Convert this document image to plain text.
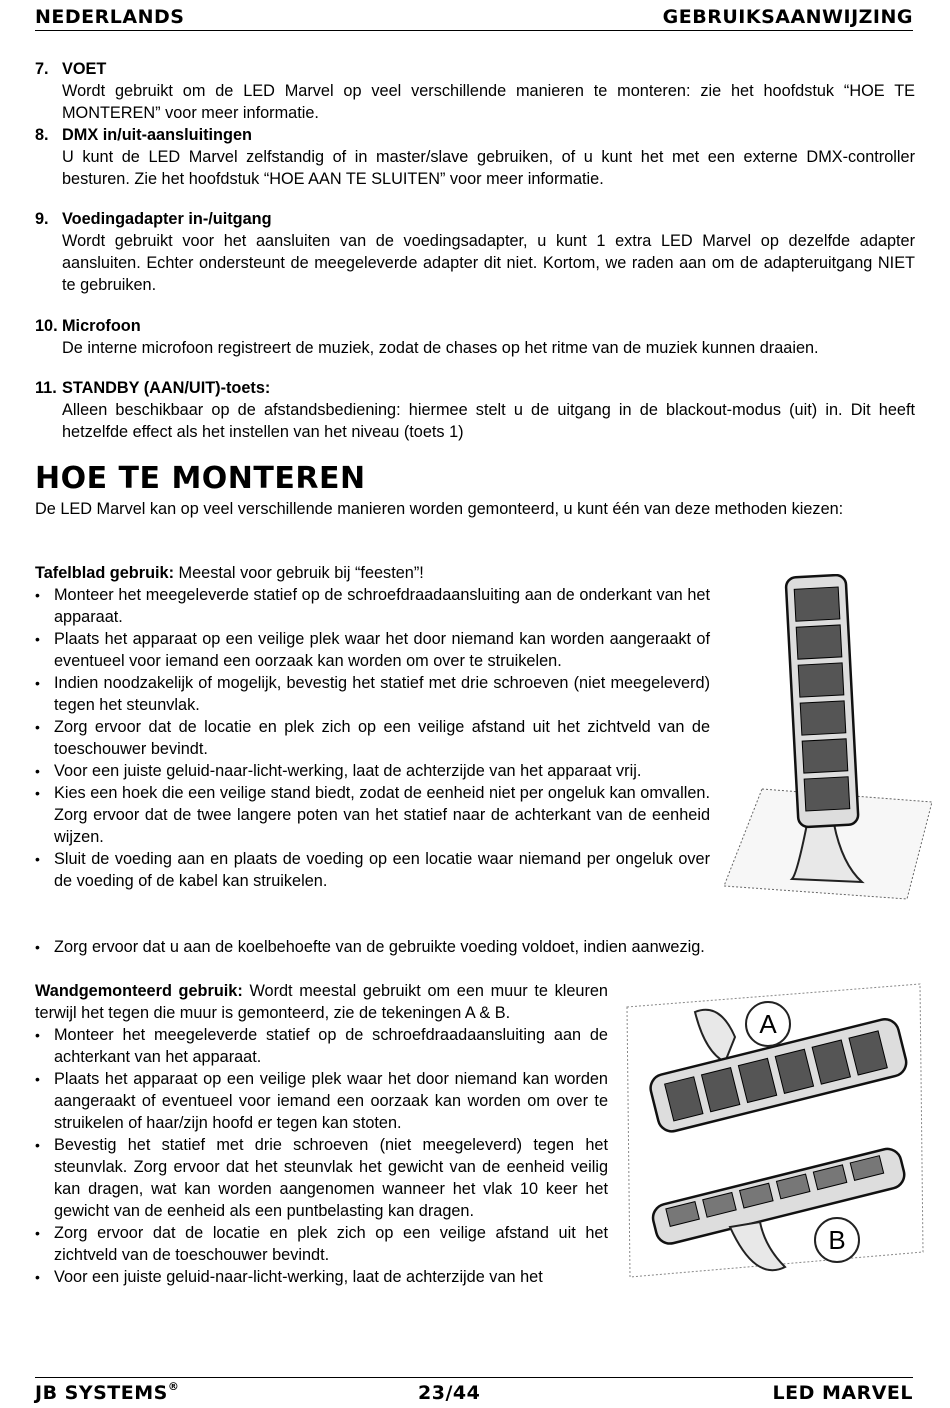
NEDERLANDS	GEBRUIKSAANWIJZING
7. VOET
Wordt gebruikt om de LED Marvel op veel verschillende manieren te monteren: zie het hoofdstuk “HOE TE MONTEREN” voor meer informatie.
8. DMX in/uit-aansluitingen
U kunt de LED Marvel zelfstandig of in master/slave gebruiken, of u kunt het met een externe DMX-controller besturen. Zie het hoofdstuk “HOE AAN TE SLUITEN” voor meer informatie.
9. Voedingadapter in-/uitgang
Wordt gebruikt voor het aansluiten van de voedingsadapter, u kunt 1 extra LED Marvel op dezelfde adapter aansluiten. Echter ondersteunt de meegeleverde adapter dit niet. Kortom, we raden aan om de adapteruitgang NIET te gebruiken.
10. Microfoon
De interne microfoon registreert de muziek, zodat de chases op het ritme van de muziek kunnen draaien.
11. STANDBY (AAN/UIT)-toets:
Alleen beschikbaar op de afstandsbediening: hiermee stelt u de uitgang in de blackout-modus (uit) in. Dit heeft hetzelfde effect als het instellen van het niveau (toets 1)
HOE TE MONTEREN
De LED Marvel kan op veel verschillende manieren worden gemonteerd, u kunt één van deze methoden kiezen:
Tafelblad gebruik: Meestal voor gebruik bij “feesten”!
• Monteer het meegeleverde statief op de schroefdraadaansluiting aan de onderkant van het apparaat.
• Plaats het apparaat op een veilige plek waar het door niemand kan worden aangeraakt of eventueel voor iemand een oorzaak kan worden om over te struikelen.
• Indien noodzakelijk of mogelijk, bevestig het statief met drie schroeven (niet meegeleverd) tegen het steunvlak.
• Zorg ervoor dat de locatie en plek zich op een veilige afstand uit het zichtveld van de toeschouwer bevindt.
• Voor een juiste geluid-naar-licht-werking, laat de achterzijde van het apparaat vrij.
• Kies een hoek die een veilige stand biedt, zodat de eenheid niet per ongeluk kan omvallen. Zorg ervoor dat de twee langere poten van het statief naar de achterkant van de eenheid wijzen.
• Sluit de voeding aan en plaats de voeding op een locatie waar niemand per ongeluk over de voeding of de kabel kan struikelen.
• Zorg ervoor dat u aan de koelbehoefte van de gebruikte voeding voldoet, indien aanwezig.
Wandgemonteerd gebruik: Wordt meestal gebruikt om een muur te kleuren terwijl het tegen die muur is gemonteerd, zie de tekeningen A & B.
• Monteer het meegeleverde statief op de schroefdraadaansluiting aan de achterkant van het apparaat.
• Plaats het apparaat op een veilige plek waar het door niemand kan worden aangeraakt of eventueel voor iemand een oorzaak kan worden om over te struikelen of haar/zijn hoofd er tegen kan stoten.
• Bevestig het statief met drie schroeven (niet meegeleverd) tegen het steunvlak. Zorg ervoor dat het steunvlak het gewicht van de eenheid veilig kan dragen, wat kan worden aangenomen wanneer het vlak 10 keer het gewicht van de eenheid als een puntbelasting kan dragen.
• Zorg ervoor dat de locatie en plek zich op een veilige afstand uit het zichtveld van de toeschouwer bevindt.
• Voor een juiste geluid-naar-licht-werking, laat de achterzijde van het
A
B
JB SYSTEMS®	23/44	LED MARVEL
